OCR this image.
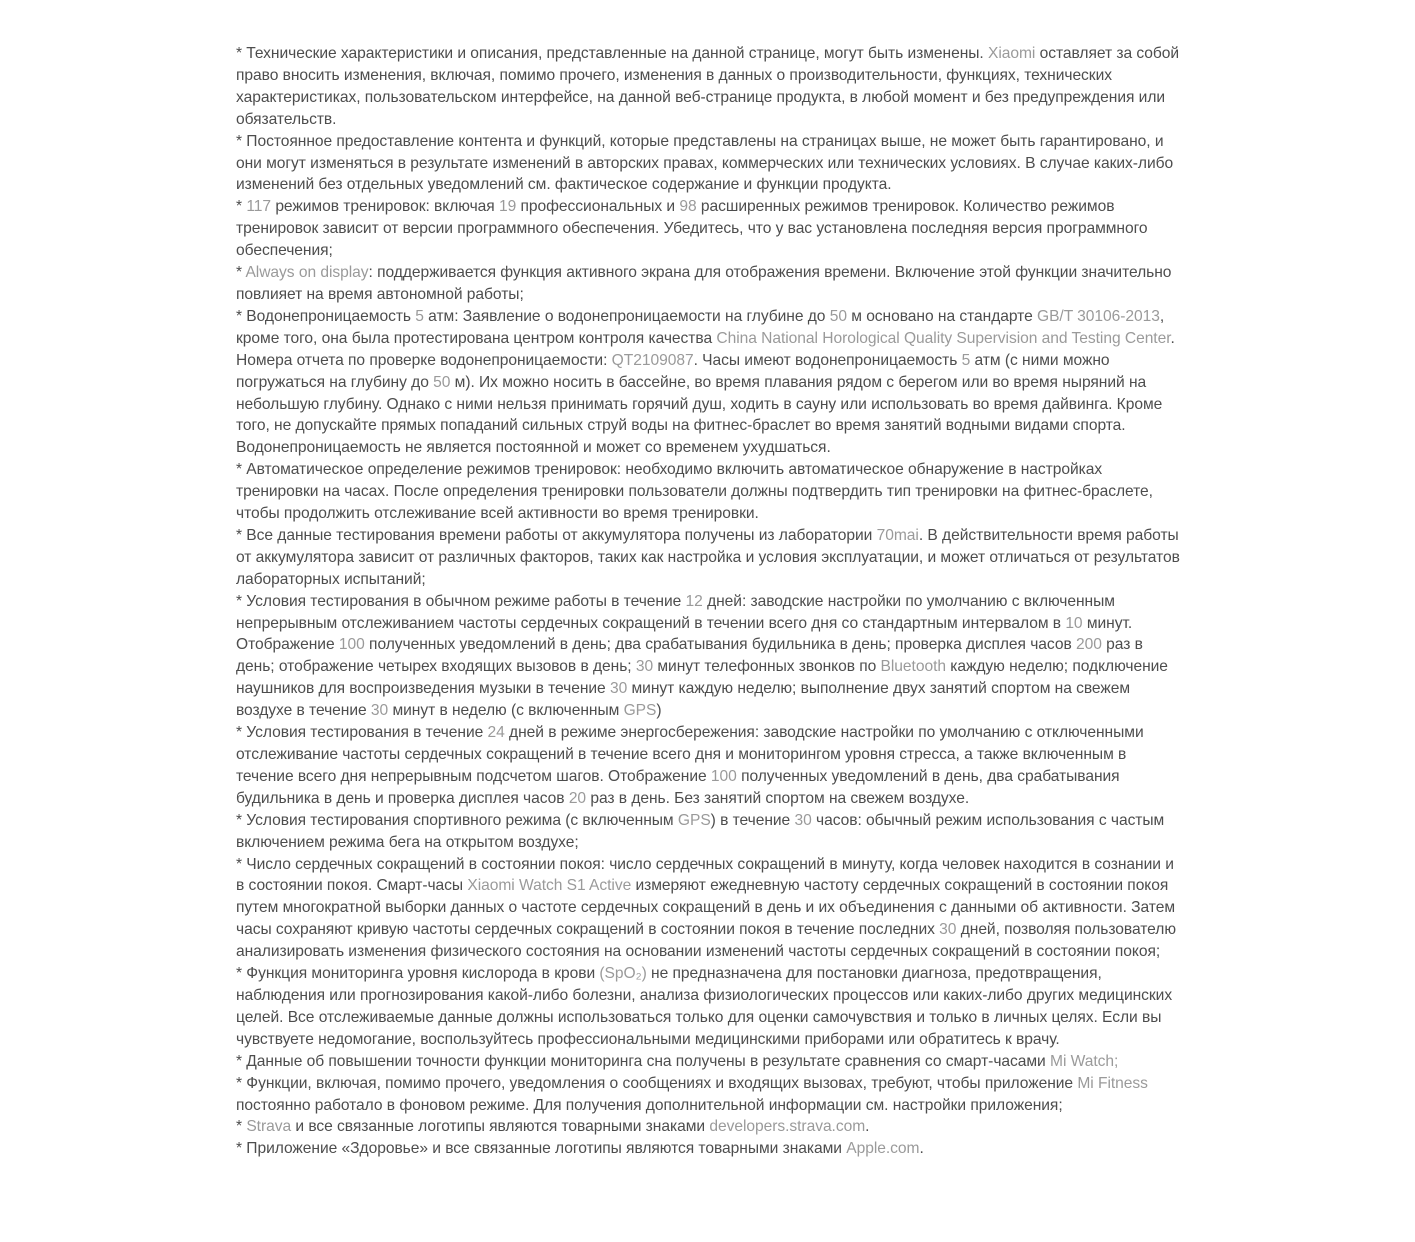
* Технические характеристики и описания, представленные на данной странице, могут быть изменены. Xiaomi оставляет за собой право вносить изменения, включая, помимо прочего, изменения в данных о производительности, функциях, технических характеристиках, пользовательском интерфейсе, на данной веб-странице продукта, в любой момент и без предупреждения или обязательств.

* Постоянное предоставление контента и функций, которые представлены на страницах выше, не может быть гарантировано, и они могут изменяться в результате изменений в авторских правах, коммерческих или технических условиях. В случае каких-либо изменений без отдельных уведомлений см. фактическое содержание и функции продукта.

* 117 режимов тренировок: включая 19 профессиональных и 98 расширенных режимов тренировок. Количество режимов тренировок зависит от версии программного обеспечения. Убедитесь, что у вас установлена последняя версия программного обеспечения;

* Always on display: поддерживается функция активного экрана для отображения времени. Включение этой функции значительно повлияет на время автономной работы;

* Водонепроницаемость 5 атм: Заявление о водонепроницаемости на глубине до 50 м основано на стандарте GB/T 30106-2013, кроме того, она была протестирована центром контроля качества China National Horological Quality Supervision and Testing Center. Номера отчета по проверке водонепроницаемости: QT2109087. Часы имеют водонепроницаемость 5 атм (с ними можно погружаться на глубину до 50 м). Их можно носить в бассейне, во время плавания рядом с берегом или во время ныряний на небольшую глубину. Однако с ними нельзя принимать горячий душ, ходить в сауну или использовать во время дайвинга. Кроме того, не допускайте прямых попаданий сильных струй воды на фитнес-браслет во время занятий водными видами спорта. Водонепроницаемость не является постоянной и может со временем ухудшаться.

* Автоматическое определение режимов тренировок: необходимо включить автоматическое обнаружение в настройках тренировки на часах. После определения тренировки пользователи должны подтвердить тип тренировки на фитнес-браслете, чтобы продолжить отслеживание всей активности во время тренировки.

* Все данные тестирования времени работы от аккумулятора получены из лаборатории 70mai. В действительности время работы от аккумулятора зависит от различных факторов, таких как настройка и условия эксплуатации, и может отличаться от результатов лабораторных испытаний;

* Условия тестирования в обычном режиме работы в течение 12 дней: заводские настройки по умолчанию с включенным непрерывным отслеживанием частоты сердечных сокращений в течении всего дня со стандартным интервалом в 10 минут. Отображение 100 полученных уведомлений в день; два срабатывания будильника в день; проверка дисплея часов 200 раз в день; отображение четырех входящих вызовов в день; 30 минут телефонных звонков по Bluetooth каждую неделю; подключение наушников для воспроизведения музыки в течение 30 минут каждую неделю; выполнение двух занятий спортом на свежем воздухе в течение 30 минут в неделю (с включенным GPS)

* Условия тестирования в течение 24 дней в режиме энергосбережения: заводские настройки по умолчанию с отключенными отслеживание частоты сердечных сокращений в течение всего дня и мониторингом уровня стресса, а также включенным в течение всего дня непрерывным подсчетом шагов. Отображение 100 полученных уведомлений в день, два срабатывания будильника в день и проверка дисплея часов 20 раз в день. Без занятий спортом на свежем воздухе.

* Условия тестирования спортивного режима (с включенным GPS) в течение 30 часов: обычный режим использования с частым включением режима бега на открытом воздухе;

* Число сердечных сокращений в состоянии покоя: число сердечных сокращений в минуту, когда человек находится в сознании и в состоянии покоя. Смарт-часы Xiaomi Watch S1 Active измеряют ежедневную частоту сердечных сокращений в состоянии покоя путем многократной выборки данных о частоте сердечных сокращений в день и их объединения с данными об активности. Затем часы сохраняют кривую частоты сердечных сокращений в состоянии покоя в течение последних 30 дней, позволяя пользователю анализировать изменения физического состояния на основании изменений частоты сердечных сокращений в состоянии покоя;

* Функция мониторинга уровня кислорода в крови (SpO₂) не предназначена для постановки диагноза, предотвращения, наблюдения или прогнозирования какой-либо болезни, анализа физиологических процессов или каких-либо других медицинских целей. Все отслеживаемые данные должны использоваться только для оценки самочувствия и только в личных целях. Если вы чувствуете недомогание, воспользуйтесь профессиональными медицинскими приборами или обратитесь к врачу.

* Данные об повышении точности функции мониторинга сна получены в результате сравнения со смарт-часами Mi Watch;

* Функции, включая, помимо прочего, уведомления о сообщениях и входящих вызовах, требуют, чтобы приложение Mi Fitness постоянно работало в фоновом режиме. Для получения дополнительной информации см. настройки приложения;

* Strava и все связанные логотипы являются товарными знаками developers.strava.com.

* Приложение «Здоровье» и все связанные логотипы являются товарными знаками Apple.com.
